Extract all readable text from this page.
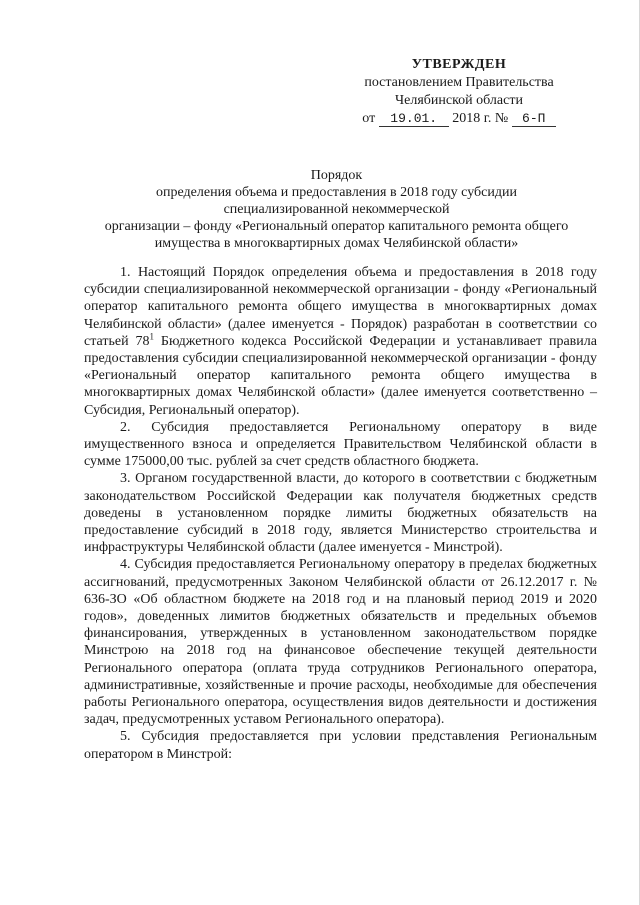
УТВЕРЖДЕН
постановлением Правительства
Челябинской области
от 19.01. 2018 г. № 6-П
Порядок
определения объема и предоставления в 2018 году субсидии
специализированной некоммерческой
организации – фонду «Региональный оператор капитального ремонта общего
имущества в многоквартирных домах Челябинской области»

1. Настоящий Порядок определения объема и предоставления в 2018 году субсидии специализированной некоммерческой организации - фонду «Региональный оператор капитального ремонта общего имущества в многоквартирных домах Челябинской области» (далее именуется - Порядок) разработан в соответствии со статьей $78^1$ Бюджетного кодекса Российской Федерации и устанавливает правила предоставления субсидии специализированной некоммерческой организации - фонду «Региональный оператор капитального ремонта общего имущества в многоквартирных домах Челябинской области» (далее именуется соответственно – Субсидия, Региональный оператор).

2. Субсидия предоставляется Региональному оператору в виде имущественного взноса и определяется Правительством Челябинской области в сумме 175000,00 тыс. рублей за счет средств областного бюджета.

3. Органом государственной власти, до которого в соответствии с бюджетным законодательством Российской Федерации как получателя бюджетных средств доведены в установленном порядке лимиты бюджетных обязательств на предоставление субсидий в 2018 году, является Министерство строительства и инфраструктуры Челябинской области (далее именуется - Минстрой).

4. Субсидия предоставляется Региональному оператору в пределах бюджетных ассигнований, предусмотренных Законом Челябинской области от 26.12.2017 г. № 636-ЗО «Об областном бюджете на 2018 год и на плановый период 2019 и 2020 годов», доведенных лимитов бюджетных обязательств и предельных объемов финансирования, утвержденных в установленном законодательством порядке Минстрою на 2018 год на финансовое обеспечение текущей деятельности Регионального оператора (оплата труда сотрудников Регионального оператора, административные, хозяйственные и прочие расходы, необходимые для обеспечения работы Регионального оператора, осуществления видов деятельности и достижения задач, предусмотренных уставом Регионального оператора).

5. Субсидия предоставляется при условии представления Региональным оператором в Минстрой:
